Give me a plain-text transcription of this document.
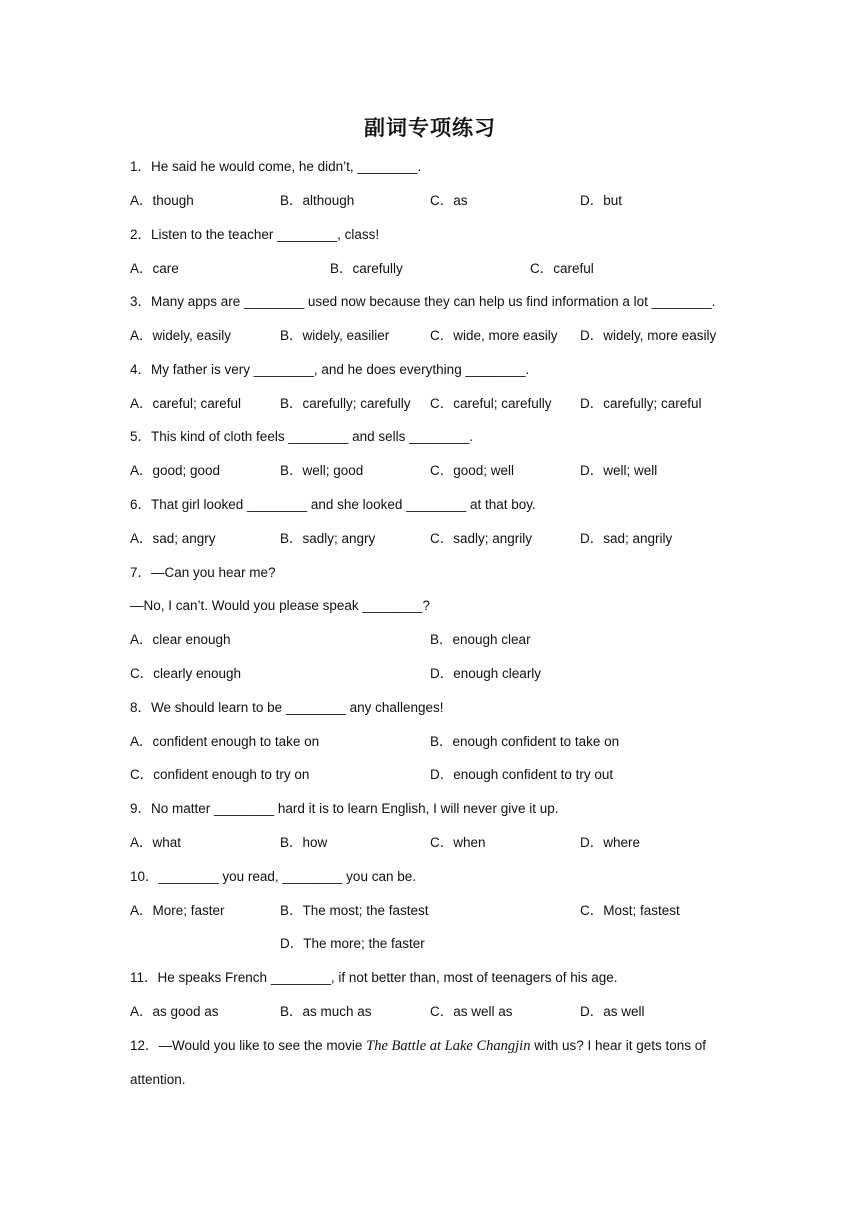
副词专项练习
1．He said he would come, he didn’t, ________.
A．though	B．although	C．as	D．but
2．Listen to the teacher ________, class!
A．care	B．carefully	C．careful
3．Many apps are ________ used now because they can help us find information a lot ________.
A．widely, easily	B．widely, easilier	C．wide, more easily D．widely, more easily
4．My father is very ________, and he does everything ________.
A．careful; careful	B．carefully; carefully C．careful; carefully D．carefully; careful
5．This kind of cloth feels ________ and sells ________.
A．good; good	B．well; good	C．good; well	D．well; well
6．That girl looked ________ and she looked ________ at that boy.
A．sad; angry	B．sadly; angry	C．sadly; angrily	D．sad; angrily
7．—Can you hear me?
—No, I can’t. Would you please speak ________?
A．clear enough	B．enough clear
C．clearly enough	D．enough clearly
8．We should learn to be ________ any challenges!
A．confident enough to take on	B．enough confident to take on
C．confident enough to try on	D．enough confident to try out
9．No matter ________ hard it is to learn English, I will never give it up.
A．what	B．how	C．when	D．where
10．________ you read, ________ you can be.
A．More; faster	B．The most; the fastest	C．Most; fastest
D．The more; the faster
11．He speaks French ________, if not better than, most of teenagers of his age.
A．as good as	B．as much as	C．as well as	D．as well
12．—Would you like to see the movie The Battle at Lake Changjin with us? I hear it gets tons of
attention.
